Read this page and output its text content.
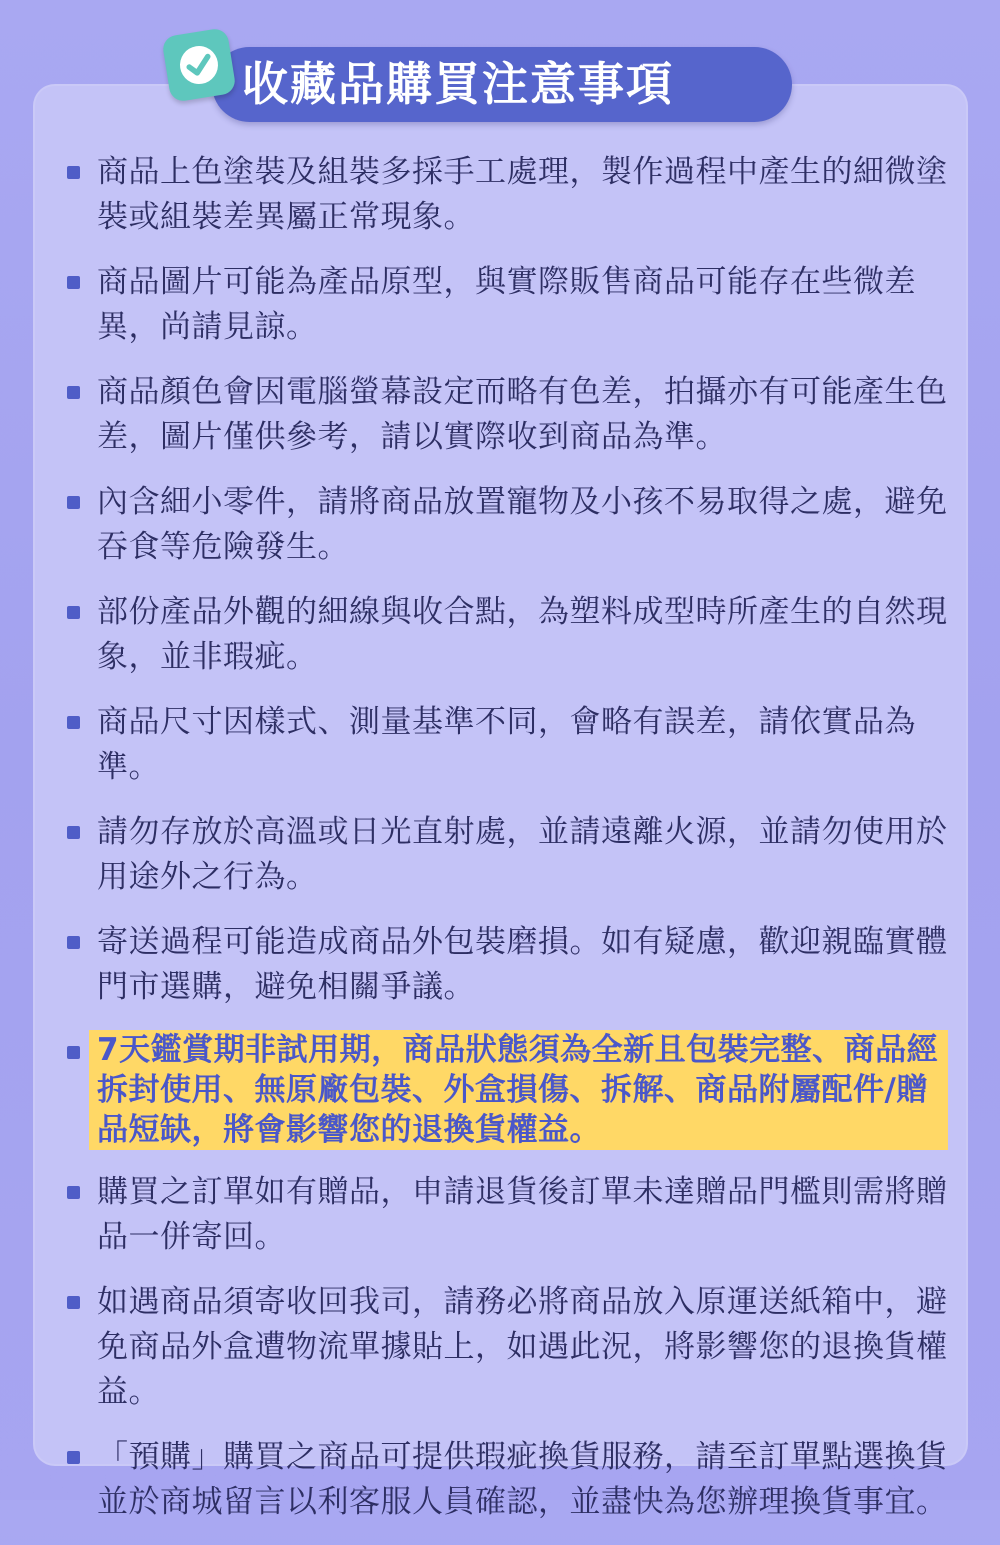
收藏品購買注意事項
商品上色塗裝及組裝多採手工處理，製作過程中產生的細微塗裝或組裝差異屬正常現象。
商品圖片可能為產品原型，與實際販售商品可能存在些微差異，尚請見諒。
商品顏色會因電腦螢幕設定而略有色差，拍攝亦有可能產生色差，圖片僅供參考，請以實際收到商品為準。
內含細小零件，請將商品放置寵物及小孩不易取得之處，避免吞食等危險發生。
部份產品外觀的細線與收合點，為塑料成型時所產生的自然現象，並非瑕疵。
商品尺寸因樣式、測量基準不同，會略有誤差，請依實品為準。
請勿存放於高溫或日光直射處，並請遠離火源，並請勿使用於用途外之行為。
寄送過程可能造成商品外包裝磨損。如有疑慮，歡迎親臨實體門市選購，避免相關爭議。
7天鑑賞期非試用期，商品狀態須為全新且包裝完整、商品經拆封使用、無原廠包裝、外盒損傷、拆解、商品附屬配件/贈品短缺，將會影響您的退換貨權益。
購買之訂單如有贈品，申請退貨後訂單未達贈品門檻則需將贈品一併寄回。
如遇商品須寄收回我司，請務必將商品放入原運送紙箱中，避免商品外盒遭物流單據貼上，如遇此況，將影響您的退換貨權益。
「預購」購買之商品可提供瑕疵換貨服務，請至訂單點選換貨並於商城留言以利客服人員確認，並盡快為您辦理換貨事宜。
